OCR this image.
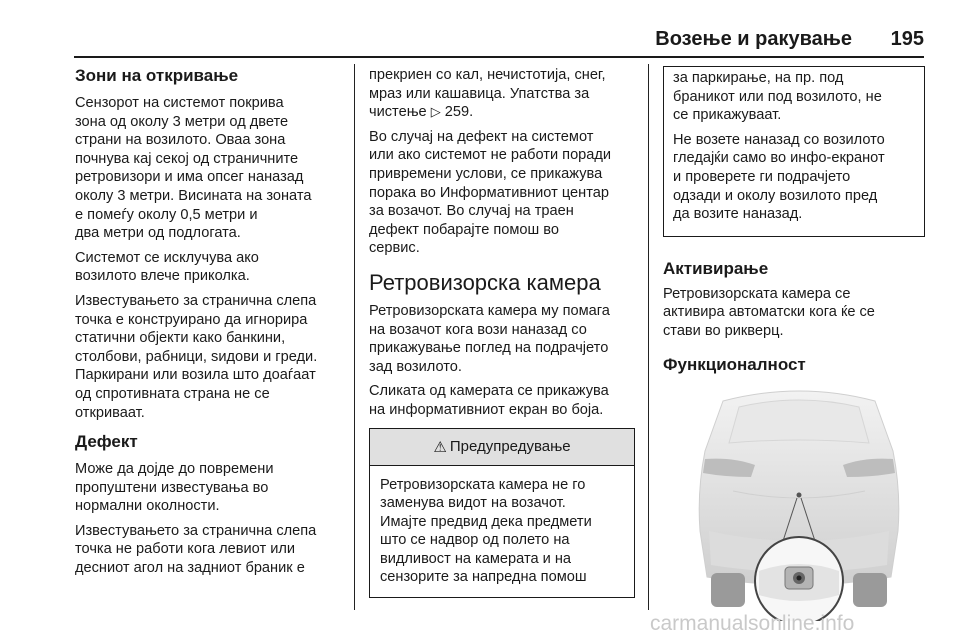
Возење и ракување 195
Зони на откривање

Сензорот на системот покрива
зона од околу 3 метри од двете
страни на возилото. Оваа зона
почнува кај секој од страничните
ретровизори и има опсег наназад
околу 3 метри. Висината на зоната
е помеѓу околу 0,5 метри и
два метри од подлогата.

Системот се исклучува ако
возилото влече приколка.

Известувањето за странична слепа
точка е конструирано да игнорира
статични објекти како банкини,
столбови, рабници, ѕидови и греди.
Паркирани или возила што доаѓаат
од спротивната страна не се
откриваат.

Дефект

Може да дојде до повремени
пропуштени известувања во
нормални околности.

Известувањето за странична слепа
точка не работи кога левиот или
десниот агол на задниот браник е

прекриен со кал, нечистотија, снег,
мраз или кашавица. Упатства за
чистење ▷ 259.

Во случај на дефект на системот
или ако системот не работи поради
привремени услови, се прикажува
порака во Информативниот центар
за возачот. Во случај на траен
дефект побарајте помош во
сервис.

Ретровизорска камера

Ретровизорската камера му помага
на возачот кога вози наназад со
прикажување поглед на подрачјето
зад возилото.

Сликата од камерата се прикажува
на информативниот екран во боја.

⚠ Предупредување

Ретровизорската камера не го
заменува видот на возачот.
Имајте предвид дека предмети
што се надвор од полето на
видливост на камерата и на
сензорите за напредна помош

за паркирање, на пр. под
браникот или под возилото, не
се прикажуваат.

Не возете наназад со возилото
гледајќи само во инфо-екранот
и проверете ги подрачјето
одзади и околу возилото пред
да возите наназад.

Активирање

Ретровизорската камера се
активира автоматски кога ќе се
стави во рикверц.

Функционалност
carmanualsonline.info
